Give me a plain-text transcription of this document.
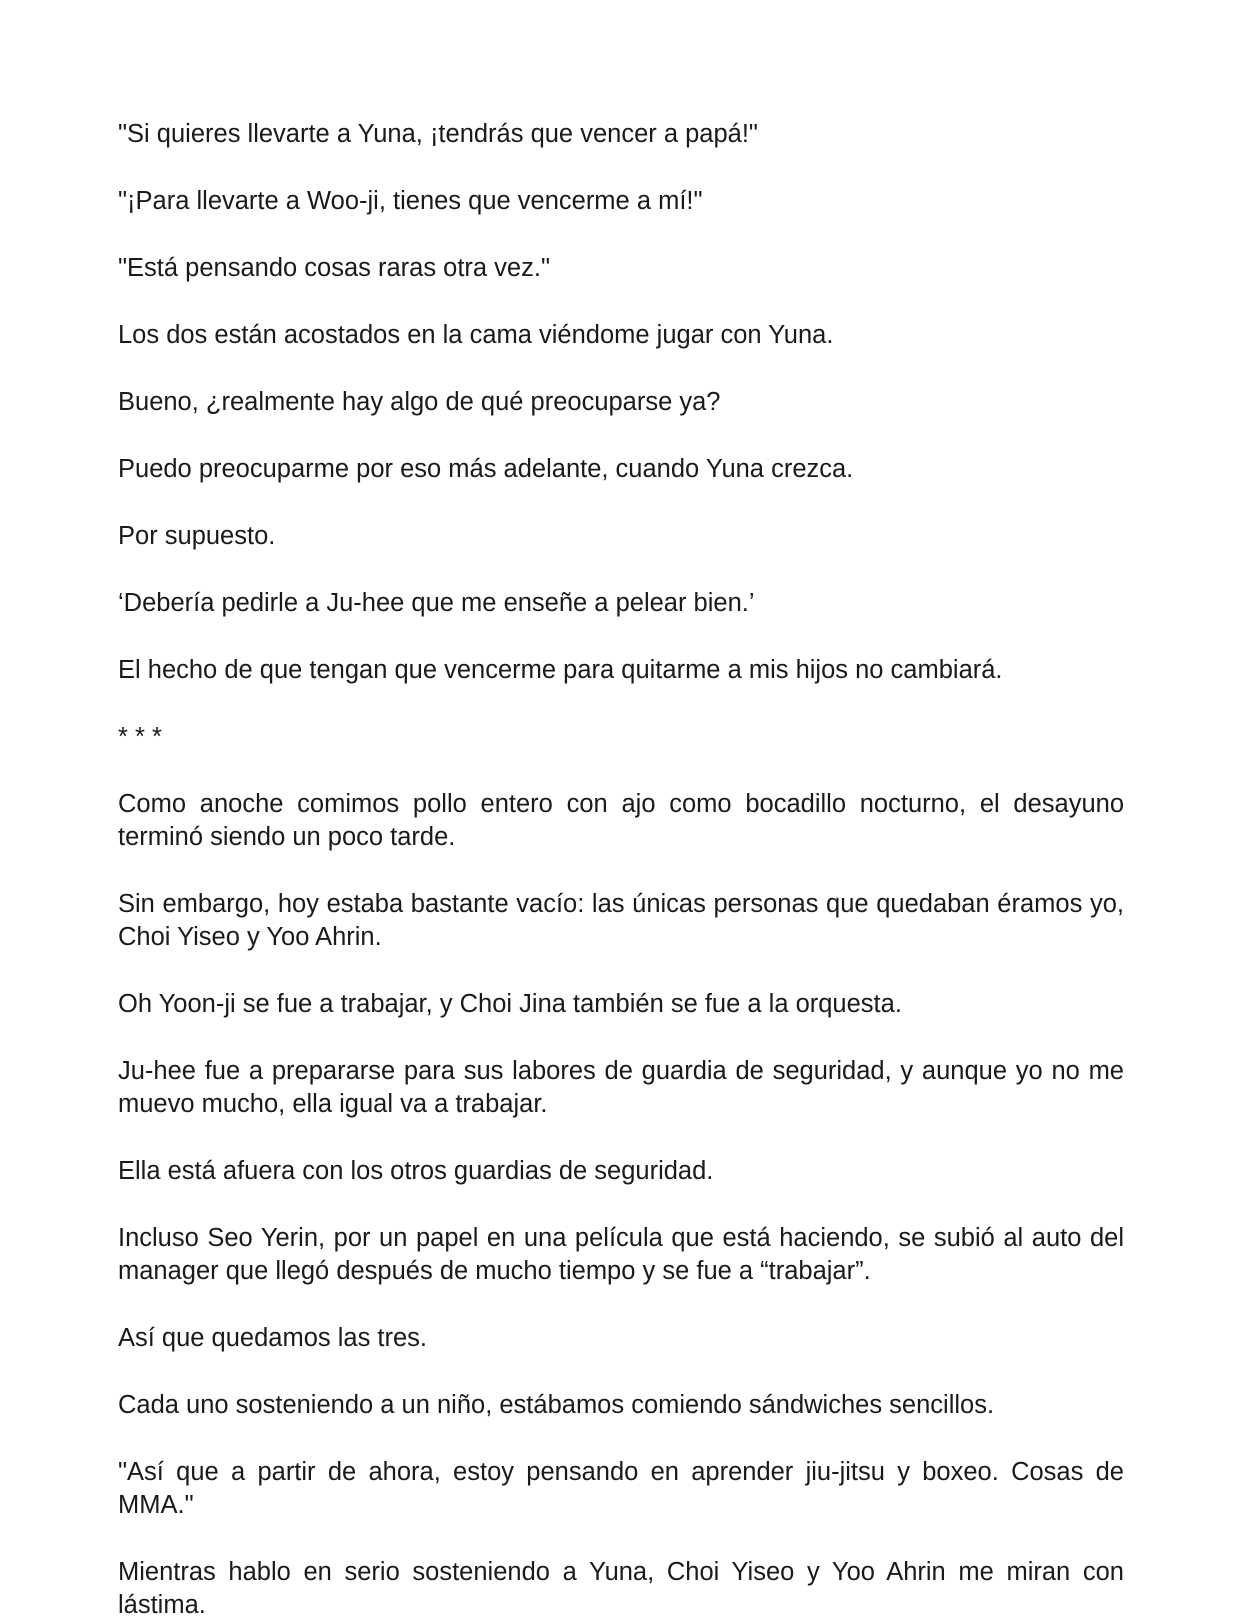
"Si quieres llevarte a Yuna, ¡tendrás que vencer a papá!"

"¡Para llevarte a Woo-ji, tienes que vencerme a mí!"

"Está pensando cosas raras otra vez."

Los dos están acostados en la cama viéndome jugar con Yuna.

Bueno, ¿realmente hay algo de qué preocuparse ya?

Puedo preocuparme por eso más adelante, cuando Yuna crezca.

Por supuesto.

‘Debería pedirle a Ju-hee que me enseñe a pelear bien.’

El hecho de que tengan que vencerme para quitarme a mis hijos no cambiará.

* * *

Como anoche comimos pollo entero con ajo como bocadillo nocturno, el desayuno terminó siendo un poco tarde.

Sin embargo, hoy estaba bastante vacío: las únicas personas que quedaban éramos yo, Choi Yiseo y Yoo Ahrin.

Oh Yoon-ji se fue a trabajar, y Choi Jina también se fue a la orquesta.

Ju-hee fue a prepararse para sus labores de guardia de seguridad, y aunque yo no me muevo mucho, ella igual va a trabajar.

Ella está afuera con los otros guardias de seguridad.

Incluso Seo Yerin, por un papel en una película que está haciendo, se subió al auto del manager que llegó después de mucho tiempo y se fue a “trabajar”.

Así que quedamos las tres.

Cada uno sosteniendo a un niño, estábamos comiendo sándwiches sencillos.

"Así que a partir de ahora, estoy pensando en aprender jiu-jitsu y boxeo. Cosas de MMA."

Mientras hablo en serio sosteniendo a Yuna, Choi Yiseo y Yoo Ahrin me miran con lástima.
